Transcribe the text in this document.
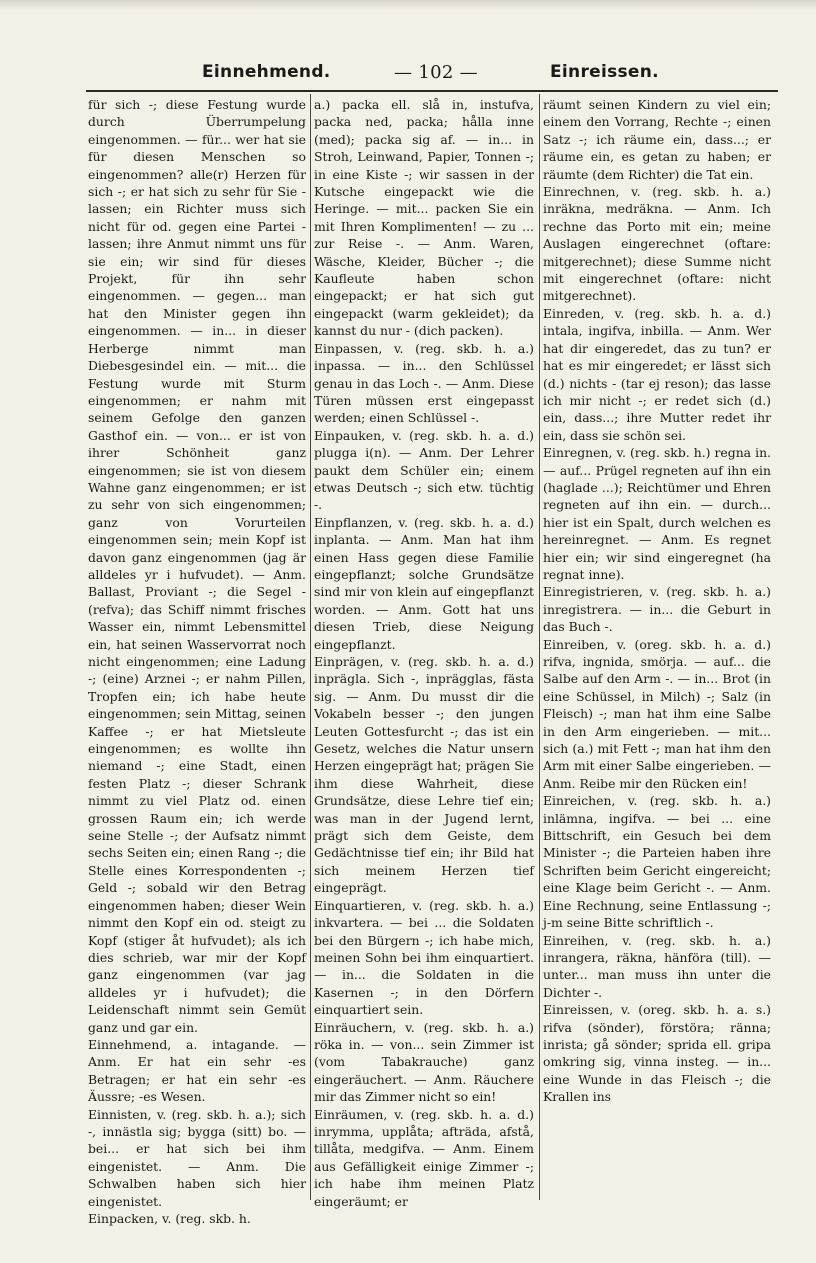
Einnehmend.	— 102 —	Einreissen.

für sich -; diese Festung wurde durch Überrumpelung eingenommen. — für... wer hat sie für diesen Menschen so eingenommen? alle(r) Herzen für sich -; er hat sich zu sehr für Sie - lassen; ein Richter muss sich nicht für od. gegen eine Partei - lassen; ihre Anmut nimmt uns für sie ein; wir sind für dieses Projekt, für ihn sehr eingenommen. — gegen... man hat den Minister gegen ihn eingenommen. — in... in dieser Herberge nimmt man Diebesgesindel ein. — mit... die Festung wurde mit Sturm eingenommen; er nahm mit seinem Gefolge den ganzen Gasthof ein. — von... er ist von ihrer Schönheit ganz eingenommen; sie ist von diesem Wahne ganz eingenommen; er ist zu sehr von sich eingenommen; ganz von Vorurteilen eingenommen sein; mein Kopf ist davon ganz eingenommen (jag är alldeles yr i hufvudet). — Anm. Ballast, Proviant -; die Segel - (refva); das Schiff nimmt frisches Wasser ein, nimmt Lebensmittel ein, hat seinen Wasservorrat noch nicht eingenommen; eine Ladung -; (eine) Arznei -; er nahm Pillen, Tropfen ein; ich habe heute eingenommen; sein Mittag, seinen Kaffee -; er hat Mietsleute eingenommen; es wollte ihn niemand -; eine Stadt, einen festen Platz -; dieser Schrank nimmt zu viel Platz od. einen grossen Raum ein; ich werde seine Stelle -; der Aufsatz nimmt sechs Seiten ein; einen Rang -; die Stelle eines Korrespondenten -; Geld -; sobald wir den Betrag eingenommen haben; dieser Wein nimmt den Kopf ein od. steigt zu Kopf (stiger åt hufvudet); als ich dies schrieb, war mir der Kopf ganz eingenommen (var jag alldeles yr i hufvudet); die Leidenschaft nimmt sein Gemüt ganz und gar ein.

Einnehmend, a. intagande. — Anm. Er hat ein sehr -es Betragen; er hat ein sehr -es Äussre; -es Wesen.

Einnisten, v. (reg. skb. h. a.); sich -, innästla sig; bygga (sitt) bo. — bei... er hat sich bei ihm eingenistet. — Anm. Die Schwalben haben sich hier eingenistet.

Einpacken, v. (reg. skb. h.

a.) packa ell. slå in, instufva, packa ned, packa; hålla inne (med); packa sig af. — in... in Stroh, Leinwand, Papier, Tonnen -; in eine Kiste -; wir sassen in der Kutsche eingepackt wie die Heringe. — mit... packen Sie ein mit Ihren Komplimenten! — zu ... zur Reise -. — Anm. Waren, Wäsche, Kleider, Bücher -; die Kaufleute haben schon eingepackt; er hat sich gut eingepackt (warm gekleidet); da kannst du nur - (dich packen).

Einpassen, v. (reg. skb. h. a.) inpassa. — in... den Schlüssel genau in das Loch -. — Anm. Diese Türen müssen erst eingepasst werden; einen Schlüssel -.

Einpauken, v. (reg. skb. h. a. d.) plugga i(n). — Anm. Der Lehrer paukt dem Schüler ein; einem etwas Deutsch -; sich etw. tüchtig -.

Einpflanzen, v. (reg. skb. h. a. d.) inplanta. — Anm. Man hat ihm einen Hass gegen diese Familie eingepflanzt; solche Grundsätze sind mir von klein auf eingepflanzt worden. — Anm. Gott hat uns diesen Trieb, diese Neigung eingepflanzt.

Einprägen, v. (reg. skb. h. a. d.) inprägla. Sich -, inprägglas, fästa sig. — Anm. Du musst dir die Vokabeln besser -; den jungen Leuten Gottesfurcht -; das ist ein Gesetz, welches die Natur unsern Herzen eingeprägt hat; prägen Sie ihm diese Wahrheit, diese Grundsätze, diese Lehre tief ein; was man in der Jugend lernt, prägt sich dem Geiste, dem Gedächtnisse tief ein; ihr Bild hat sich meinem Herzen tief eingeprägt.

Einquartieren, v. (reg. skb. h. a.) inkvartera. — bei ... die Soldaten bei den Bürgern -; ich habe mich, meinen Sohn bei ihm einquartiert. — in... die Soldaten in die Kasernen -; in den Dörfern einquartiert sein.

Einräuchern, v. (reg. skb. h. a.) röka in. — von... sein Zimmer ist (vom Tabakrauche) ganz eingeräuchert. — Anm. Räuchere mir das Zimmer nicht so ein!

Einräumen, v. (reg. skb. h. a. d.) inrymma, upplåta; afträda, afstå, tillåta, medgifva. — Anm. Einem aus Gefälligkeit einige Zimmer -; ich habe ihm meinen Platz eingeräumt; er

räumt seinen Kindern zu viel ein; einem den Vorrang, Rechte -; einen Satz -; ich räume ein, dass...; er räume ein, es getan zu haben; er räumte (dem Richter) die Tat ein.

Einrechnen, v. (reg. skb. h. a.) inräkna, medräkna. — Anm. Ich rechne das Porto mit ein; meine Auslagen eingerechnet (oftare: mitgerechnet); diese Summe nicht mit eingerechnet (oftare: nicht mitgerechnet).

Einreden, v. (reg. skb. h. a. d.) intala, ingifva, inbilla. — Anm. Wer hat dir eingeredet, das zu tun? er hat es mir eingeredet; er lässt sich (d.) nichts - (tar ej reson); das lasse ich mir nicht -; er redet sich (d.) ein, dass...; ihre Mutter redet ihr ein, dass sie schön sei.

Einregnen, v. (reg. skb. h.) regna in. — auf... Prügel regneten auf ihn ein (haglade ...); Reichtümer und Ehren regneten auf ihn ein. — durch... hier ist ein Spalt, durch welchen es hereinregnet. — Anm. Es regnet hier ein; wir sind eingeregnet (ha regnat inne).

Einregistrieren, v. (reg. skb. h. a.) inregistrera. — in... die Geburt in das Buch -.

Einreiben, v. (oreg. skb. h. a. d.) rifva, ingnida, smörja. — auf... die Salbe auf den Arm -. — in... Brot (in eine Schüssel, in Milch) -; Salz (in Fleisch) -; man hat ihm eine Salbe in den Arm eingerieben. — mit... sich (a.) mit Fett -; man hat ihm den Arm mit einer Salbe eingerieben. — Anm. Reibe mir den Rücken ein!

Einreichen, v. (reg. skb. h. a.) inlämna, ingifva. — bei ... eine Bittschrift, ein Gesuch bei dem Minister -; die Parteien haben ihre Schriften beim Gericht eingereicht; eine Klage beim Gericht -. — Anm. Eine Rechnung, seine Entlassung -; j-m seine Bitte schriftlich -.

Einreihen, v. (reg. skb. h. a.) inrangera, räkna, hänföra (till). — unter... man muss ihn unter die Dichter -.

Einreissen, v. (oreg. skb. h. a. s.) rifva (sönder), förstöra; ränna; inrista; gå sönder; sprida ell. gripa omkring sig, vinna insteg. — in... eine Wunde in das Fleisch -; die Krallen ins
